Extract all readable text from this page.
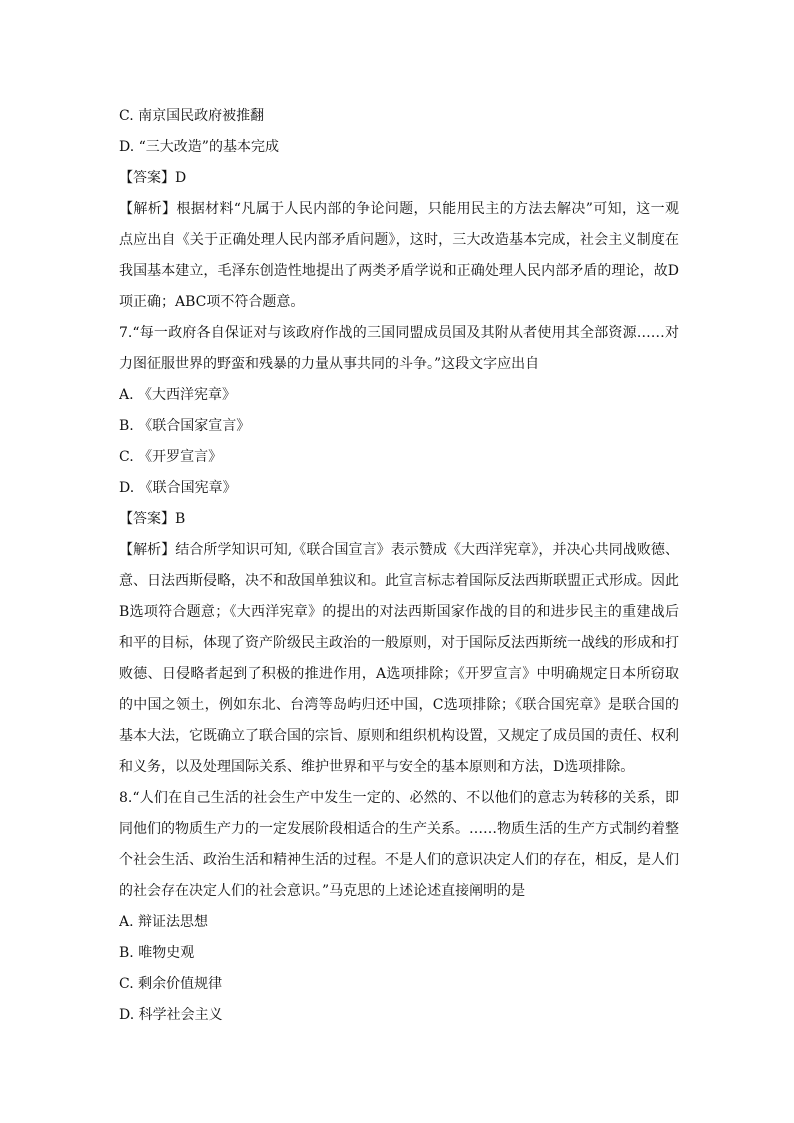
C. 南京国民政府被推翻
D. “三大改造”的基本完成
【答案】D

【解析】根据材料“凡属于人民内部的争论问题，只能用民主的方法去解决”可知，这一观点应出自《关于正确处理人民内部矛盾问题》，这时，三大改造基本完成，社会主义制度在我国基本建立，毛泽东创造性地提出了两类矛盾学说和正确处理人民内部矛盾的理论，故D项正确；ABC项不符合题意。

7.“每一政府各自保证对与该政府作战的三国同盟成员国及其附从者使用其全部资源……对力图征服世界的野蛮和残暴的力量从事共同的斗争。”这段文字应出自

A. 《大西洋宪章》
B. 《联合国家宣言》
C. 《开罗宣言》
D. 《联合国宪章》
【答案】B

【解析】结合所学知识可知,《联合国宣言》表示赞成《大西洋宪章》，并决心共同战败德、意、日法西斯侵略，决不和敌国单独议和。此宣言标志着国际反法西斯联盟正式形成。因此B选项符合题意；《大西洋宪章》的提出的对法西斯国家作战的目的和进步民主的重建战后和平的目标，体现了资产阶级民主政治的一般原则，对于国际反法西斯统一战线的形成和打败德、日侵略者起到了积极的推进作用，A选项排除；《开罗宣言》中明确规定日本所窃取的中国之领土，例如东北、台湾等岛屿归还中国，C选项排除；《联合国宪章》是联合国的基本大法，它既确立了联合国的宗旨、原则和组织机构设置，又规定了成员国的责任、权利和义务，以及处理国际关系、维护世界和平与安全的基本原则和方法，D选项排除。

8.“人们在自己生活的社会生产中发生一定的、必然的、不以他们的意志为转移的关系，即同他们的物质生产力的一定发展阶段相适合的生产关系。……物质生活的生产方式制约着整个社会生活、政治生活和精神生活的过程。不是人们的意识决定人们的存在，相反，是人们的社会存在决定人们的社会意识。”马克思的上述论述直接阐明的是

A. 辩证法思想
B. 唯物史观
C. 剩余价值规律
D. 科学社会主义
